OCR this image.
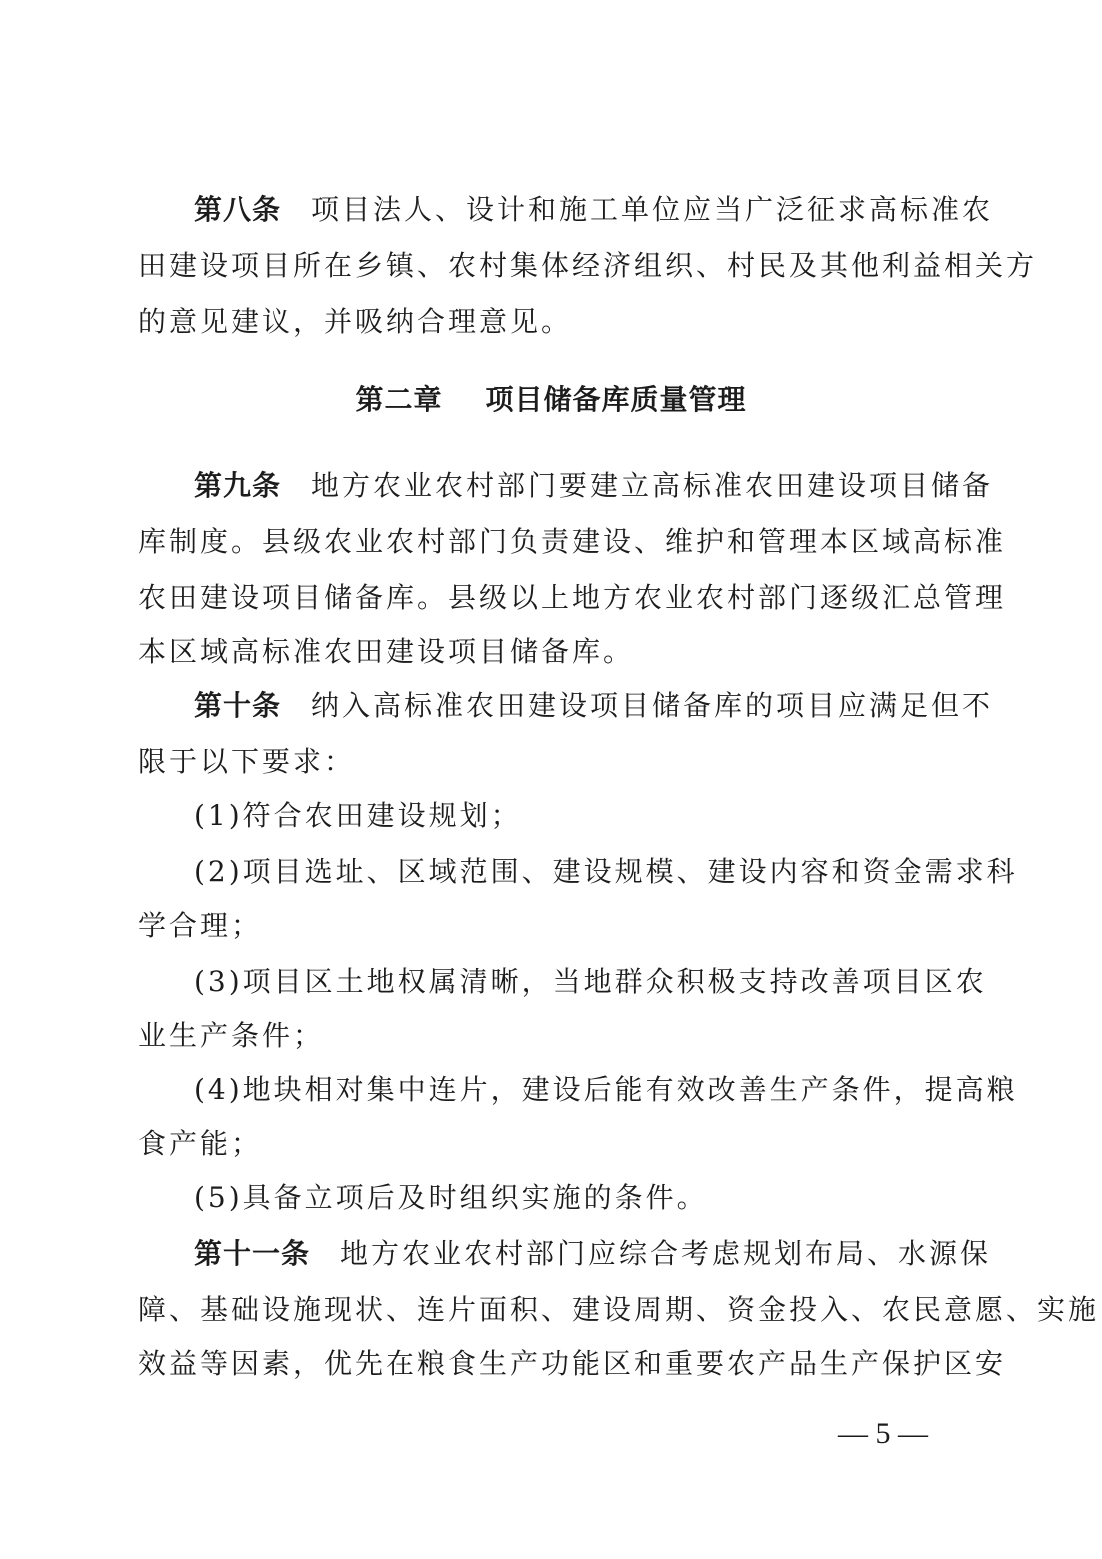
第八条 项目法人、设计和施工单位应当广泛征求高标准农
田建设项目所在乡镇、农村集体经济组织、村民及其他利益相关方
的意见建议，并吸纳合理意见。
第二章    项目储备库质量管理
第九条 地方农业农村部门要建立高标准农田建设项目储备
库制度。县级农业农村部门负责建设、维护和管理本区域高标准
农田建设项目储备库。县级以上地方农业农村部门逐级汇总管理
本区域高标准农田建设项目储备库。
第十条 纳入高标准农田建设项目储备库的项目应满足但不
限于以下要求：
(1)符合农田建设规划；
(2)项目选址、区域范围、建设规模、建设内容和资金需求科
学合理；
(3)项目区土地权属清晰，当地群众积极支持改善项目区农
业生产条件；
(4)地块相对集中连片，建设后能有效改善生产条件，提高粮
食产能；
(5)具备立项后及时组织实施的条件。
第十一条 地方农业农村部门应综合考虑规划布局、水源保
障、基础设施现状、连片面积、建设周期、资金投入、农民意愿、实施
效益等因素，优先在粮食生产功能区和重要农产品生产保护区安
— 5 —
